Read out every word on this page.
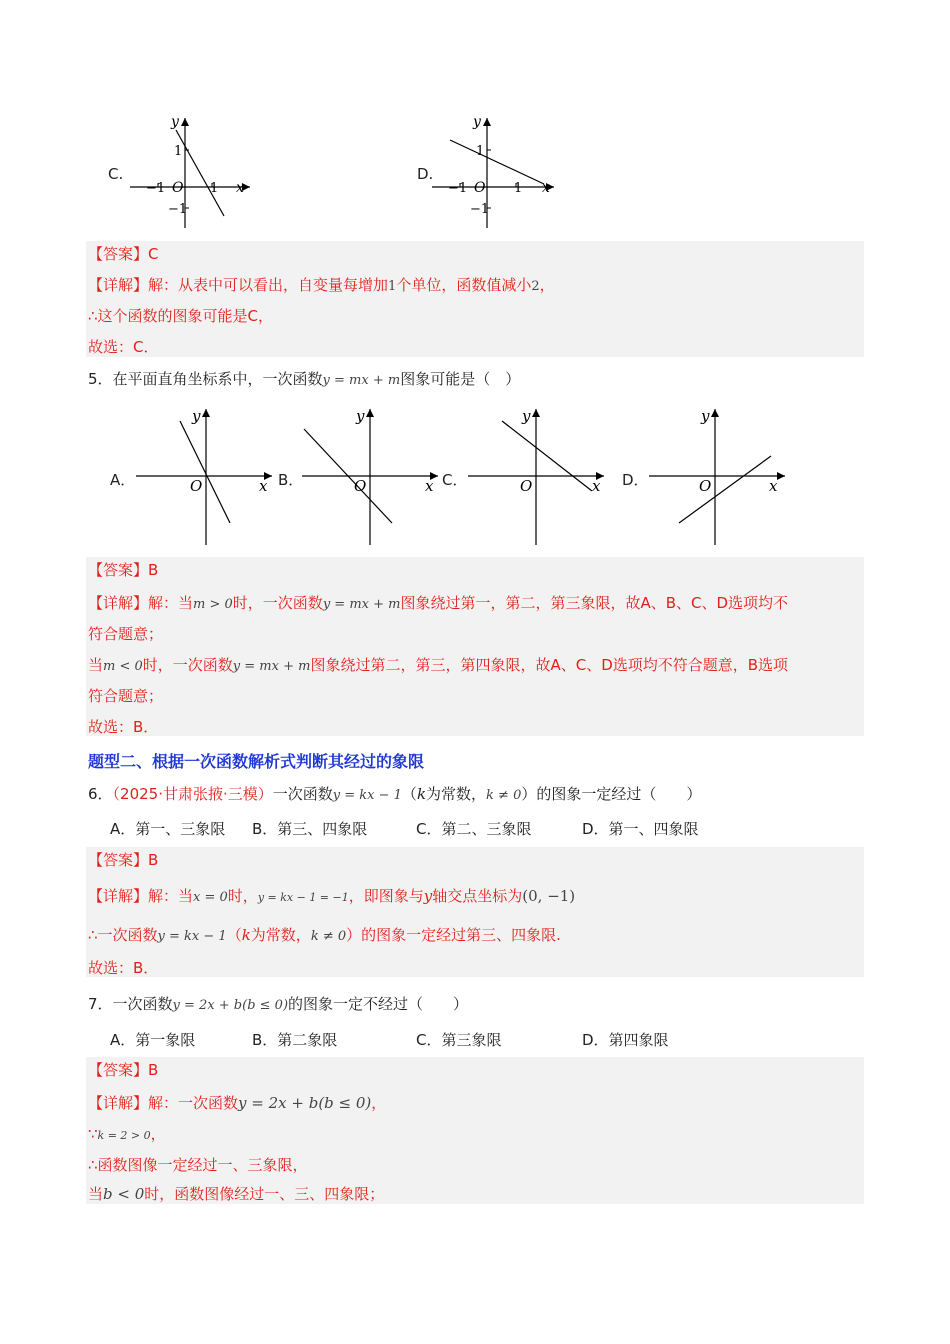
C.
y
x
O
1
−1
−1	1
D.
y
x
O
1
−1
−1	1
【答案】C
【详解】解：从表中可以看出，自变量每增加1个单位，函数值减小2，
∴这个函数的图象可能是C，
故选：C．
5．在平面直角坐标系中，一次函数y = mx + m图象可能是（　）
A．
y
x
O	B．
y
x
O	C．
y
x
O	D．
y
x
O
【答案】B
【详解】解：当m > 0时，一次函数y = mx + m图象绕过第一，第二，第三象限，故A、B、C、D选项均不
符合题意；
当m < 0时，一次函数y = mx + m图象绕过第二，第三，第四象限，故A、C、D选项均不符合题意，B选项
符合题意；
故选：B．
题型二、根据一次函数解析式判断其经过的象限
6．（2025·甘肃张掖·三模）一次函数y = kx − 1（k为常数，k ≠ 0）的图象一定经过（　　）
A．第一、三象限 B．第三、四象限	C．第二、三象限	D．第一、四象限
【答案】B
【详解】解：当x = 0时，y = kx − 1 = −1，即图象与y轴交点坐标为(0, −1)
∴一次函数y = kx − 1（k为常数，k ≠ 0）的图象一定经过第三、四象限.
故选：B．
7．一次函数y = 2x + b(b ≤ 0)的图象一定不经过（　　）
A．第一象限	B．第二象限	C．第三象限	D．第四象限
【答案】B
【详解】解：一次函数y = 2x + b(b ≤ 0)，
∵k = 2 > 0，
∴函数图像一定经过一、三象限，
当b < 0时，函数图像经过一、三、四象限；
